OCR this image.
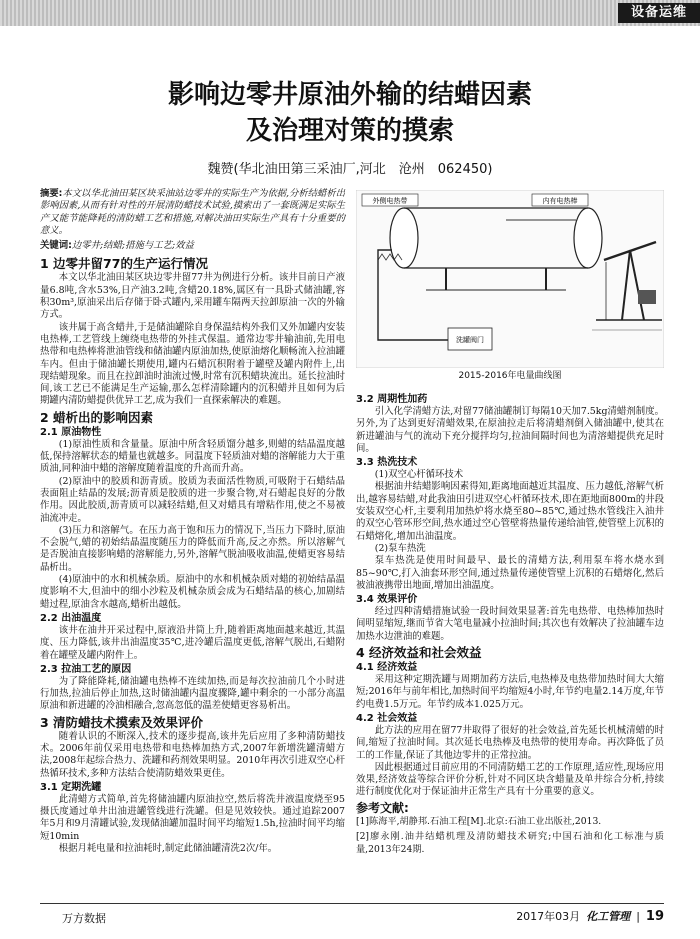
设备运维
影响边零井原油外输的结蜡因素
及治理对策的摸索
魏赞(华北油田第三采油厂,河北　沧州　062450)
摘要:本文以华北油田某区块采油站边零井的实际生产为依据,分析结蜡析出影响因素,从而有针对性的开展清防蜡技术试验,摸索出了一套既满足实际生产又能节能降耗的清防蜡工艺和措施,对解决油田实际生产具有十分重要的意义。
关键词:边零井;结蜡;措施与工艺;效益
1 边零井留77的生产运行情况

本文以华北油田某区块边零井留77井为例进行分析。该井目前日产液量6.8吨,含水53%,日产油3.2吨,含蜡20.18%,属区有一具卧式储油罐,容积30m³,原油采出后存储于卧式罐内,采用罐车隔两天拉卸原油一次的外输方式。

该井属于高含蜡井,于是储油罐除自身保温结构外我们又外加罐内安装电热棒,工艺管线上缠绕电热带的外挂式保温。通常边零井输油前,先用电热带和电热棒将泄油管线和储油罐内原油加热,使原油熔化顺畅流入拉油罐车内。但由于储油罐长期使用,罐内石蜡沉积附着于罐壁及罐内附件上,出现结蜡现象。而且在拉卸油时油流过慢,时常有沉积蜡块流出。延长拉油时间,该工艺已不能满足生产运输,那么怎样清除罐内的沉积蜡并且如何为后期罐内清防蜡提供优异工艺,成为我们一直探索解决的难题。

2 蜡析出的影响因素
2.1 原油物性

(1)原油性质和含量量。原油中所含轻质馏分越多,则蜡的结晶温度越低,保持溶解状态的蜡量也就越多。同温度下轻质油对蜡的溶解能力大于重质油,同种油中蜡的溶解度随着温度的升高而升高。

(2)原油中的胶质和沥青质。胶质为表面活性物质,可吸附于石蜡结晶表面阻止结晶的发展;沥青质是胶质的进一步聚合物,对石蜡起良好的分散作用。因此胶质,沥青质可以减轻结蜡,但又对蜡具有增粘作用,使之不易被油流冲走。

(3)压力和溶解气。在压力高于饱和压力的情况下,当压力下降时,原油不会脱气,蜡的初始结晶温度随压力的降低而升高,反之亦然。所以溶解气是否脱油直接影响蜡的溶解能力,另外,溶解气脱油吸收油温,使蜡更容易结晶析出。

(4)原油中的水和机械杂质。原油中的水和机械杂质对蜡的初始结晶温度影响不大,但油中的细小沙粒及机械杂质会成为石蜡结晶的核心,加剧结蜡过程,原油含水越高,蜡析出越低。

2.2 出油温度

该井在油井开采过程中,原液沿井筒上升,随着距离地面越来越近,其温度、压力降低,该井出油温度35℃,进冷罐后温度更低,溶解气脱出,石蜡附着在罐壁及罐内附件上。

2.3 拉油工艺的原因

为了降能降耗,储油罐电热棒不连续加热,而是每次拉油前几个小时进行加热,拉油后停止加热,这时储油罐内温度骤降,罐中剩余的一小部分高温原油和新进罐的冷油相融合,忽高忽低的温差使蜡更容易析出。

3 清防蜡技术摸索及效果评价

随着认识的不断深入,技术的逐步提高,该井先后应用了多种清防蜡技术。2006年前仅采用电热带和电热棒加热方式,2007年新增洗罐清蜡方法,2008年起综合热力、洗罐和药剂效果明显。2010年再次引进双空心杆热循环技术,多种方法结合使清防蜡效果更佳。

3.1 定期洗罐

此清蜡方式简单,首先将储油罐内原油拉空,然后将洗井液温度烧至95摄氏度通过单井出油进罐管线进行洗罐。但是见效较快。通过追踪2007年5月和9月清罐试验,发现储油罐加温时间平均缩短1.5h,拉油时间平均缩短10min

根据月耗电量和拉油耗时,制定此储油罐清洗2次/年。

外侧电热带	内有电热棒
洗罐阀门
2015-2016年电量曲线图
3.2 周期性加药

引入化学清蜡方法,对留77储油罐制订每隔10天加7.5kg清蜡剂制度。另外,为了达到更好清蜡效果,在原油拉走后将清蜡剂倒入储油罐中,使其在新进罐油与气的流动下充分搅拌均匀,拉油间隔时间也为清溶蜡提供充足时间。

3.3 热洗技术

(1)双空心杆循环技术

根据油井结蜡影响因素得知,距离地面越近其温度、压力越低,溶解气析出,越容易结蜡,对此我油田引进双空心杆循环技术,即在距地面800m的井段安装双空心杆,主要利用加热炉将水烧至80~85℃,通过热水管线注入油井的双空心管环形空间,热水通过空心管壁将热量传递给油管,使管壁上沉积的石蜡熔化,增加出油温度。

(2)泵车热洗

泵车热洗是使用时间最早、最长的清蜡方法,利用泵车将水烧水到85~90℃,打入油套环形空间,通过热量传递使管壁上沉积的石蜡熔化,然后被油液携带出地面,增加出油温度。

3.4 效果评价

经过四种清蜡措施试验一段时间效果显著:首先电热带、电热棒加热时间明显缩短,继而节省大笔电量减小拉油时间;其次也有效解决了拉油罐车边加热水边泄油的难题。

4 经济效益和社会效益
4.1 经济效益

采用这种定期洗罐与周期加药方法后,电热棒及电热带加热时间大大缩短;2016年与前年相比,加热时间平均缩短4小时,年节约电量2.14万度,年节约电费1.5万元。年节约成本1.025万元。

4.2 社会效益

此方法的应用在留77井取得了很好的社会效益,首先延长机械清蜡的时间,缩短了拉油时间。其次延长电热棒及电热带的使用寿命。再次降低了员工的工作量,保证了其他边零井的正常拉油。

因此根据通过目前应用的不同清防蜡工艺的工作原理,适应性,现场应用效果,经济效益等综合评价分析,针对不同区块含蜡量及单井综合分析,持续进行制度优化对于保证油井正常生产具有十分重要的意义。

参考文献:
[1]陈海平,胡静邦.石油工程[M].北京:石油工业出版社,2013.
[2]廖永刚.油井结蜡机理及清防蜡技术研究;中国石油和化工标准与质量,2013年24期.
万方数据	2017年03月 化工管理 | 19
